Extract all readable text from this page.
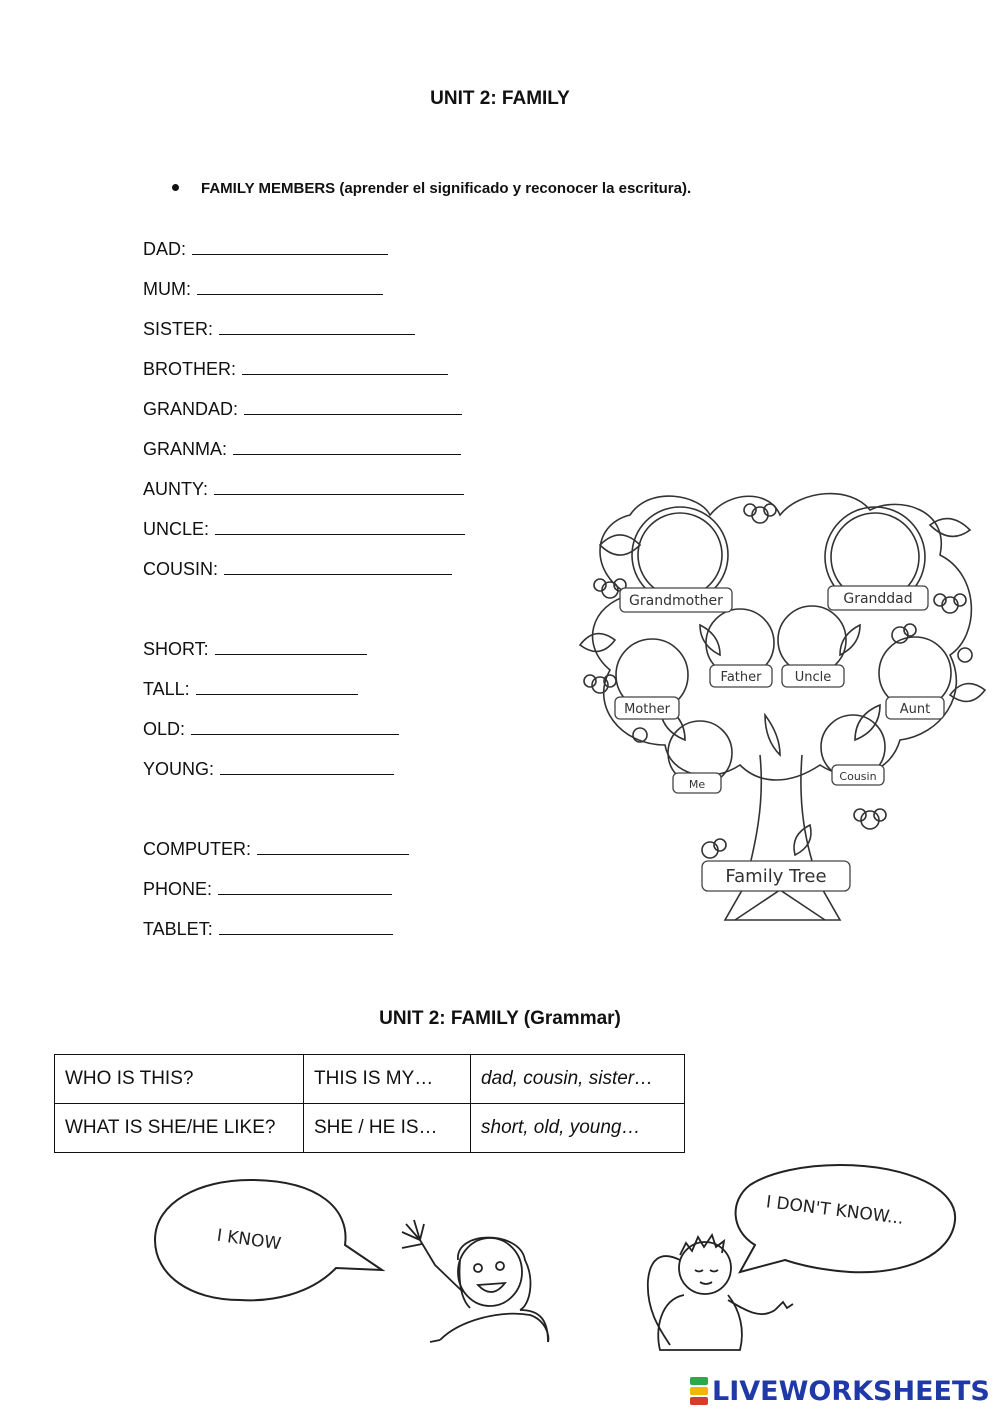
UNIT 2: FAMILY
FAMILY MEMBERS (aprender el significado y reconocer la escritura).
DAD:
MUM:
SISTER:
BROTHER:
GRANDAD:
GRANMA:
AUNTY:
UNCLE:
COUSIN:
SHORT:
TALL:
OLD:
YOUNG:
COMPUTER:
PHONE:
TABLET:
Grandmother	Granddad
Father	Uncle
Mother	Aunt
Me
Cousin
Family Tree
UNIT 2: FAMILY (Grammar)
WHO IS THIS?	THIS IS MY…	dad, cousin, sister…
WHAT IS SHE/HE LIKE?	SHE / HE IS…	short, old, young…
I KNOW
I DON'T KNOW...
LIVEWORKSHEETS
